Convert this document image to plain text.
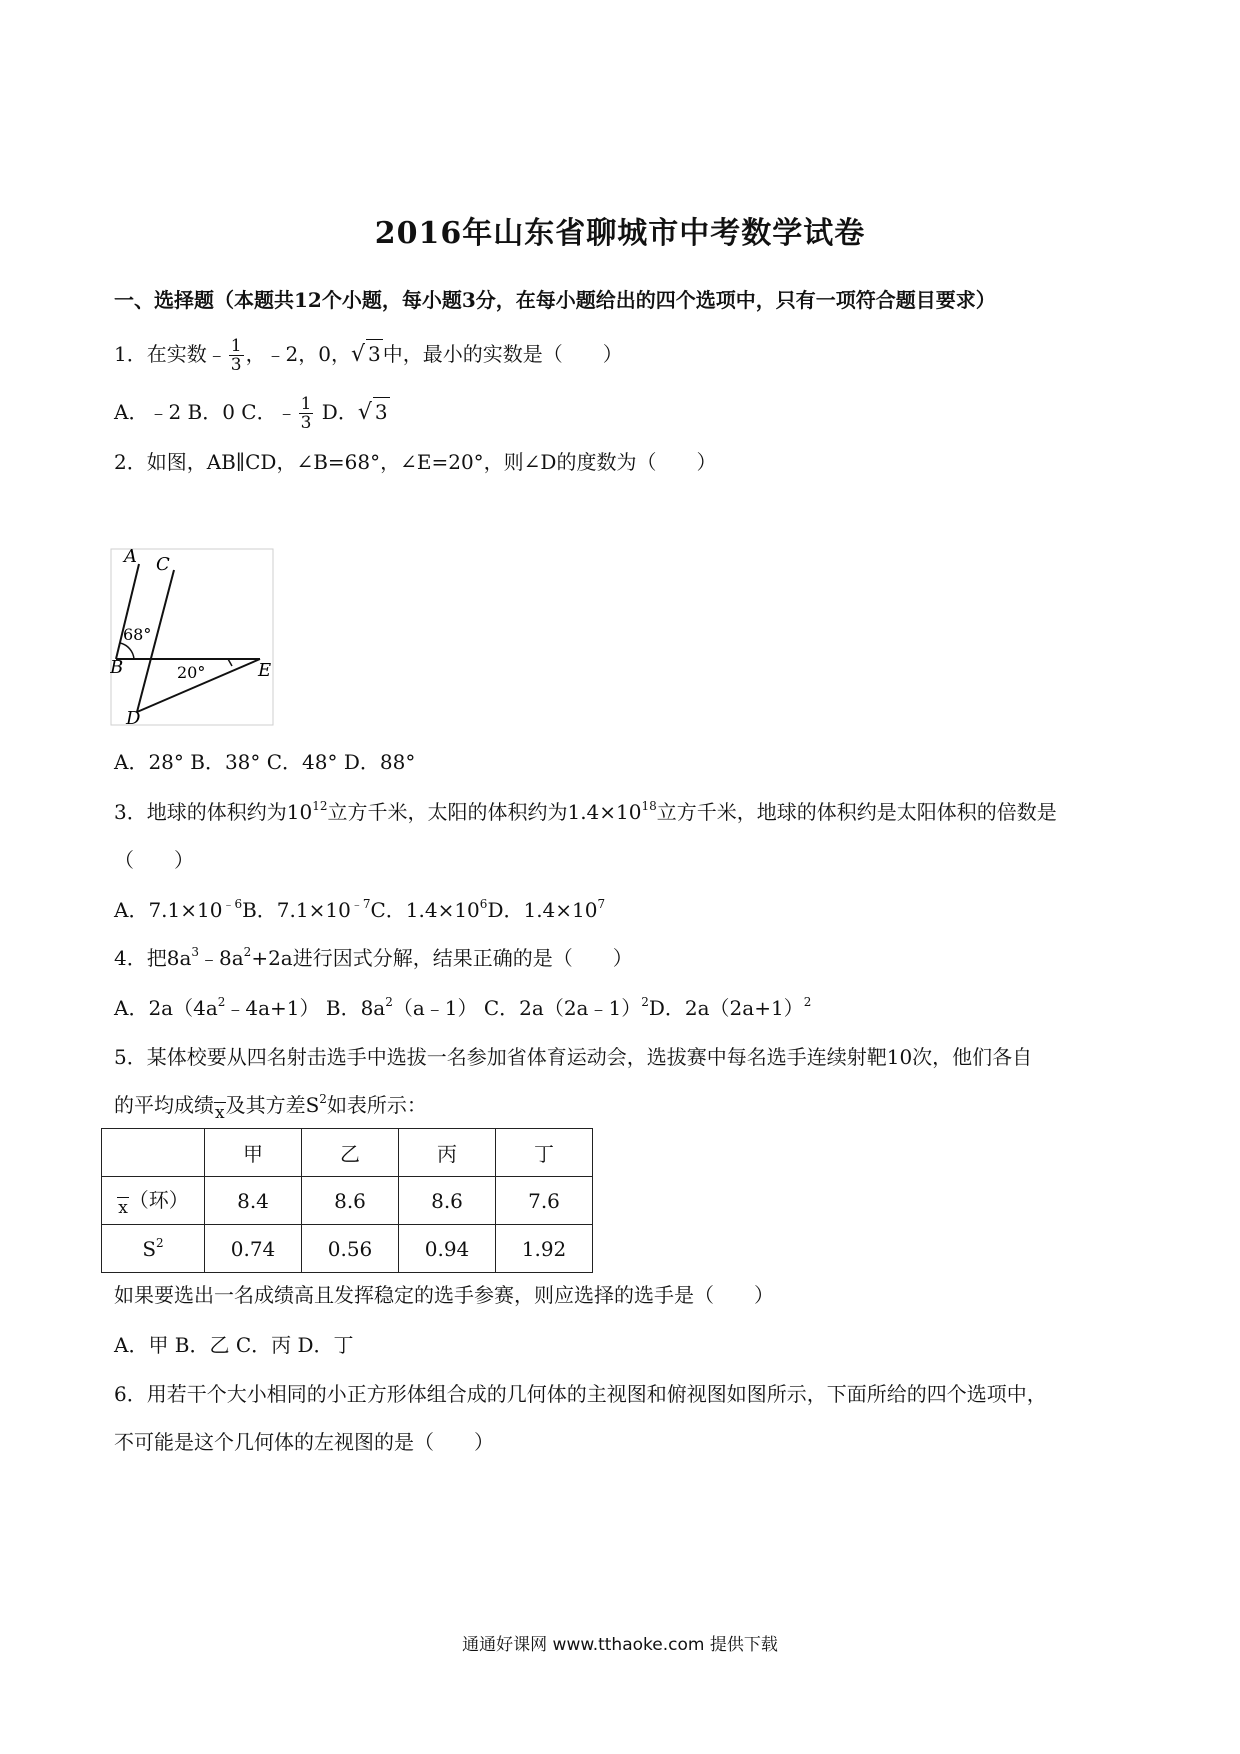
2016年山东省聊城市中考数学试卷
一、选择题（本题共12个小题，每小题3分，在每小题给出的四个选项中，只有一项符合题目要求）
1．在实数﹣ $\frac{1}{3}$ ，﹣2，0，√ 3 中，最小的实数是（　　）
A．﹣2 B．0 C．﹣ $\frac{1}{3}$ D．√ 3
2．如图，AB∥CD，∠B=68°，∠E=20°，则∠D的度数为（　　）
A C
68°
B	20°	E
D
A．28° B．38° C．48° D．88°
3．地球的体积约为$10^{12}$立方千米，太阳的体积约为$1.4\times 10^{18}$立方千米，地球的体积约是太阳体积的倍数是
（　　）
A．$7.1\times 10^{﹣6}B$．$7.1\times 10^{﹣7}C$．$1.4\times 10^6D$．$1.4\times 10^7$
4．把$8a^3﹣8a^2+2a$进行因式分解，结果正确的是（　　）
A．$2a(4a^2﹣4a+1)$ B．$8a^2(a﹣1)$ C．2a（2a﹣1）$^2$D．$2a(2a+1)^2$
5．某体校要从四名射击选手中选拔一名参加省体育运动会，选拔赛中每名选手连续射靶10次，他们各自
的平均成绩x及其方差$S^2$如表所示：
	甲	乙	丙	丁
x（环）	8.4	8.6	8.6	7.6
$S^2$	0.74	0.56	0.94	1.92
如果要选出一名成绩高且发挥稳定的选手参赛，则应选择的选手是（　　）
A．甲 B．乙 C．丙 D．丁
6．用若干个大小相同的小正方形体组合成的几何体的主视图和俯视图如图所示，下面所给的四个选项中，
不可能是这个几何体的左视图的是（　　）
通通好课网 www.tthaoke.com 提供下载
